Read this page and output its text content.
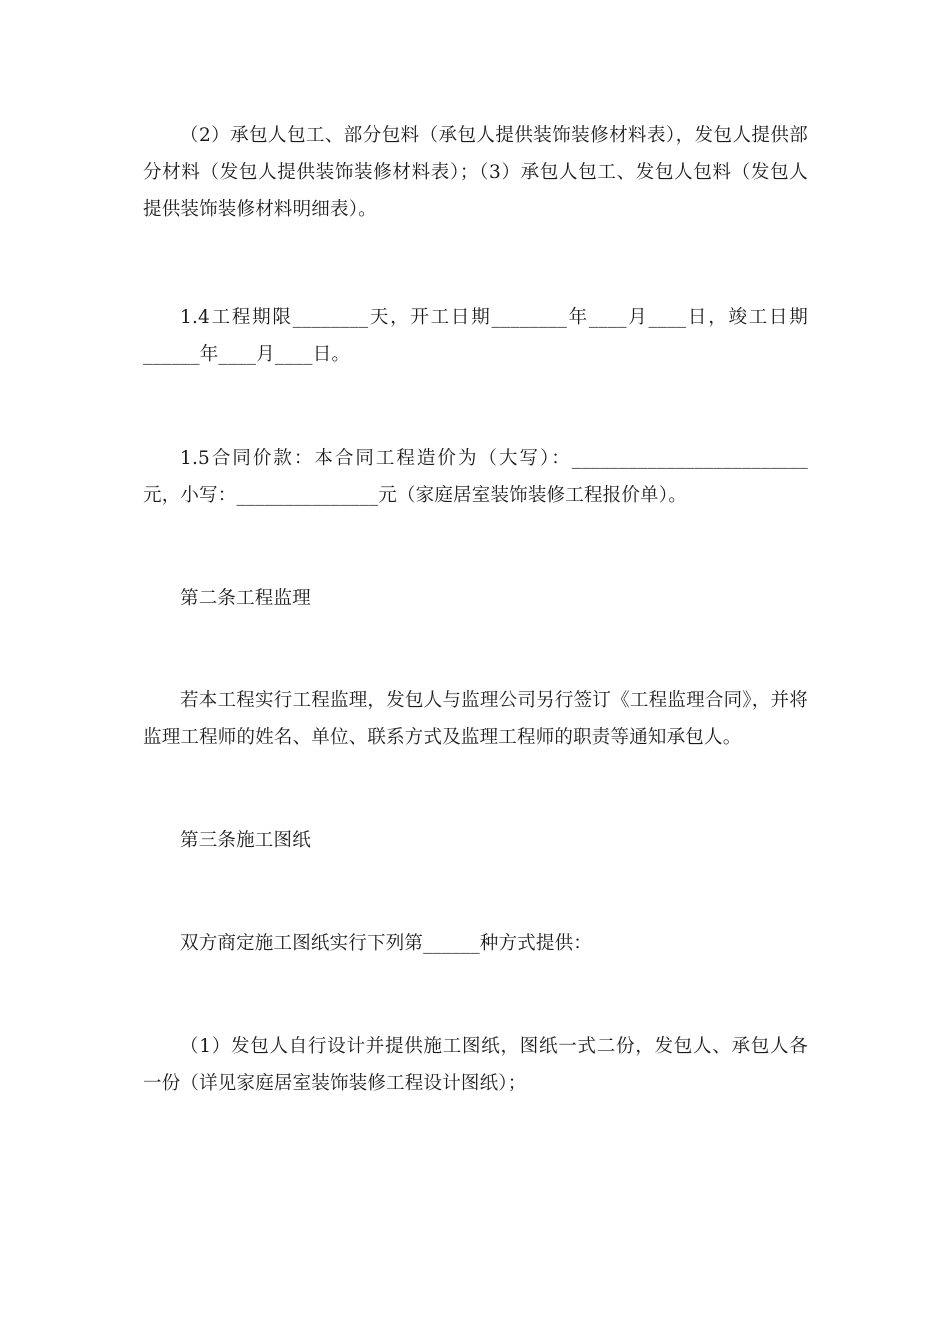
（2）承包人包工、部分包料（承包人提供装饰装修材料表），发包人提供部分材料（发包人提供装饰装修材料表）；（3）承包人包工、发包人包料（发包人提供装饰装修材料明细表）。

1.4工程期限________天，开工日期________年____月____日，竣工日期______年____月____日。

1.5合同价款：本合同工程造价为（大写）：_________________________元，小写：_______________元（家庭居室装饰装修工程报价单）。

第二条工程监理

若本工程实行工程监理，发包人与监理公司另行签订《工程监理合同》，并将监理工程师的姓名、单位、联系方式及监理工程师的职责等通知承包人。

第三条施工图纸

双方商定施工图纸实行下列第______种方式提供：

（1）发包人自行设计并提供施工图纸，图纸一式二份，发包人、承包人各一份（详见家庭居室装饰装修工程设计图纸）；
